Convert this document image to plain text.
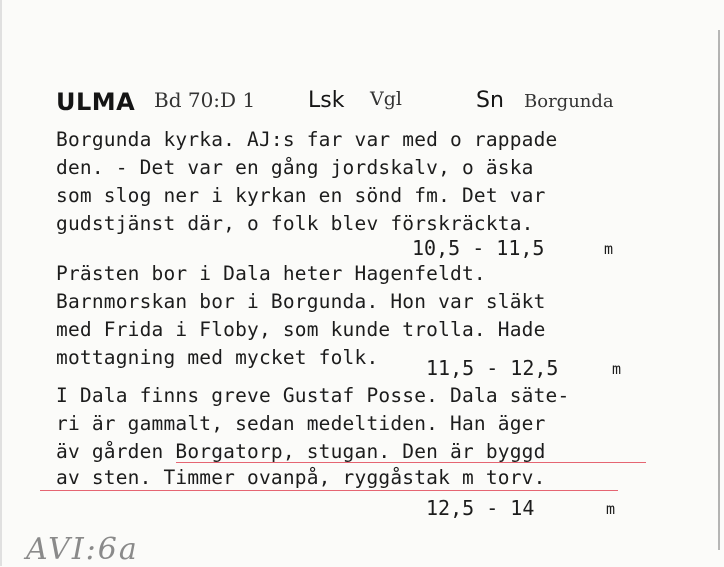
ULMA Bd 70:D 1 Lsk Vgl	Sn Borgunda
Borgunda kyrka. AJ:s far var med o rappade
den. - Det var en gång jordskalv, o äska
som slog ner i kyrkan en sönd fm. Det var
gudstjänst där, o folk blev förskräckta.
10,5 - 11,5	m
Prästen bor i Dala heter Hagenfeldt.
Barnmorskan bor i Borgunda. Hon var släkt
med Frida i Floby, som kunde trolla. Hade
mottagning med mycket folk. 11,5 - 12,5	m
I Dala finns greve Gustaf Posse. Dala säte-
ri är gammalt, sedan medeltiden. Han äger
äv gården Borgatorp, stugan. Den är byggd
av sten. Timmer ovanpå, ryggåstak m torv.
12,5 - 14	m
AVI:6a
